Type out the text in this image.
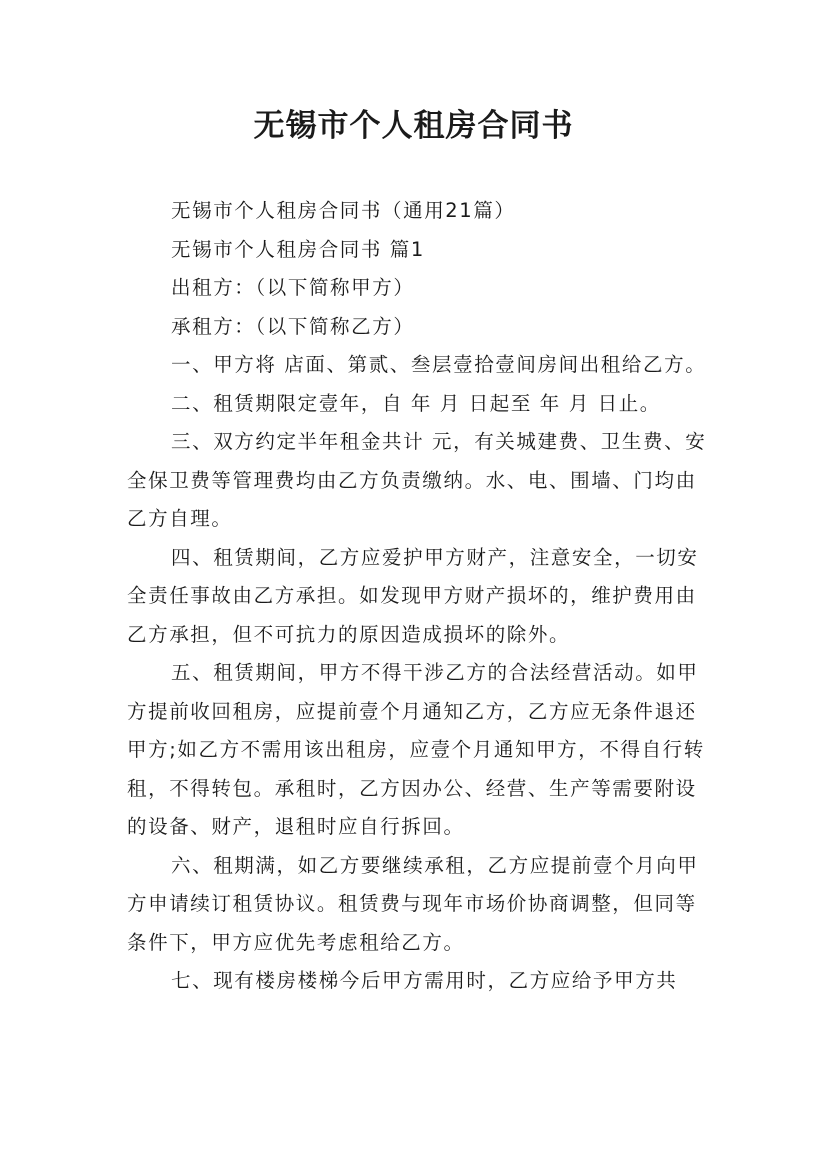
无锡市个人租房合同书

无锡市个人租房合同书（通用21篇）

无锡市个人租房合同书 篇1

出租方：（以下简称甲方）

承租方：（以下简称乙方）

一、甲方将 店面、第贰、叁层壹拾壹间房间出租给乙方。

二、租赁期限定壹年，自 年 月 日起至 年 月 日止。

三、双方约定半年租金共计 元，有关城建费、卫生费、安全保卫费等管理费均由乙方负责缴纳。水、电、围墙、门均由乙方自理。

四、租赁期间，乙方应爱护甲方财产，注意安全，一切安全责任事故由乙方承担。如发现甲方财产损坏的，维护费用由乙方承担，但不可抗力的原因造成损坏的除外。

五、租赁期间，甲方不得干涉乙方的合法经营活动。如甲方提前收回租房，应提前壹个月通知乙方，乙方应无条件退还甲方;如乙方不需用该出租房，应壹个月通知甲方，不得自行转租，不得转包。承租时，乙方因办公、经营、生产等需要附设的设备、财产，退租时应自行拆回。

六、租期满，如乙方要继续承租，乙方应提前壹个月向甲方申请续订租赁协议。租赁费与现年市场价协商调整，但同等条件下，甲方应优先考虑租给乙方。

七、现有楼房楼梯今后甲方需用时，乙方应给予甲方共
